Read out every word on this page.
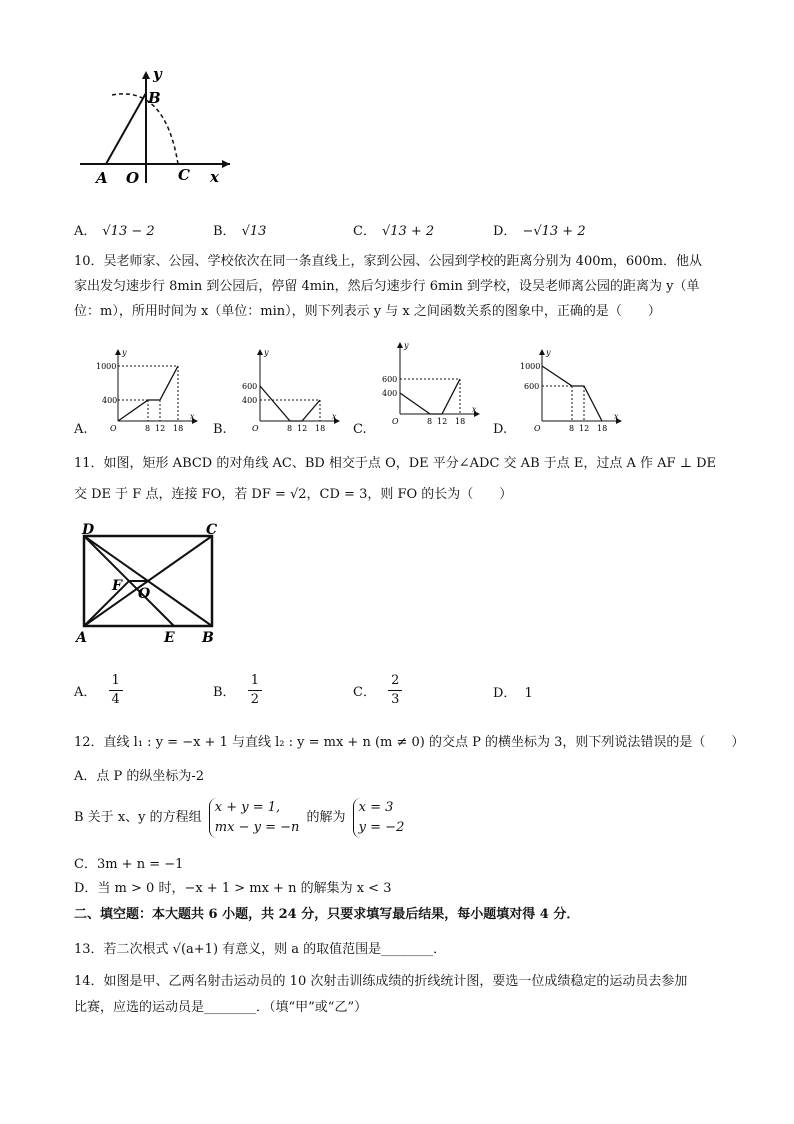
y
B
A O	C x
A． √13 − 2	B． √13	C． √13 + 2	D． −√13 + 2
10．吴老师家、公园、学校依次在同一条直线上，家到公园、公园到学校的距离分别为 400m，600m．他从
家出发匀速步行 8min 到公园后，停留 4min，然后匀速步行 6min 到学校，设吴老师离公园的距离为 y（单
位：m），所用时间为 x（单位：min），则下列表示 y 与 x 之间函数关系的图象中，正确的是（　　）
A.
y
1000
400
O	8 12 18
x
B.
y
600
400
O	8 12 18
x
C.
y
600
400
O	8 12 18
x
D.
y
1000
600
O	8 12 18
x
11．如图，矩形 ABCD 的对角线 AC、BD 相交于点 O，DE 平分∠ADC 交 AB 于点 E，过点 A 作 AF ⊥ DE
交 DE 于 F 点，连接 FO，若 DF = √2，CD = 3，则 FO 的长为（　　）
D	C
F O
A	E B
A． $\frac{1}{4}$	B． $\frac{1}{2}$	C． $\frac{2}{3}$	D． 1
12．直线 l₁ : y = −x + 1 与直线 l₂ : y = mx + n (m ≠ 0) 的交点 P 的横坐标为 3，则下列说法错误的是（　　）
A．点 P 的纵坐标为-2
B 关于 x、y 的方程组
x + y = 1,
mx − y = −n
的解为
x = 3
y = −2
C．3m + n = −1
D．当 m > 0 时，−x + 1 > mx + n 的解集为 x < 3
二、填空题：本大题共 6 小题，共 24 分，只要求填写最后结果，每小题填对得 4 分．
13．若二次根式 √(a+1) 有意义，则 a 的取值范围是________．
14．如图是甲、乙两名射击运动员的 10 次射击训练成绩的折线统计图，要选一位成绩稳定的运动员去参加
比赛，应选的运动员是________．（填“甲”或“乙”）
